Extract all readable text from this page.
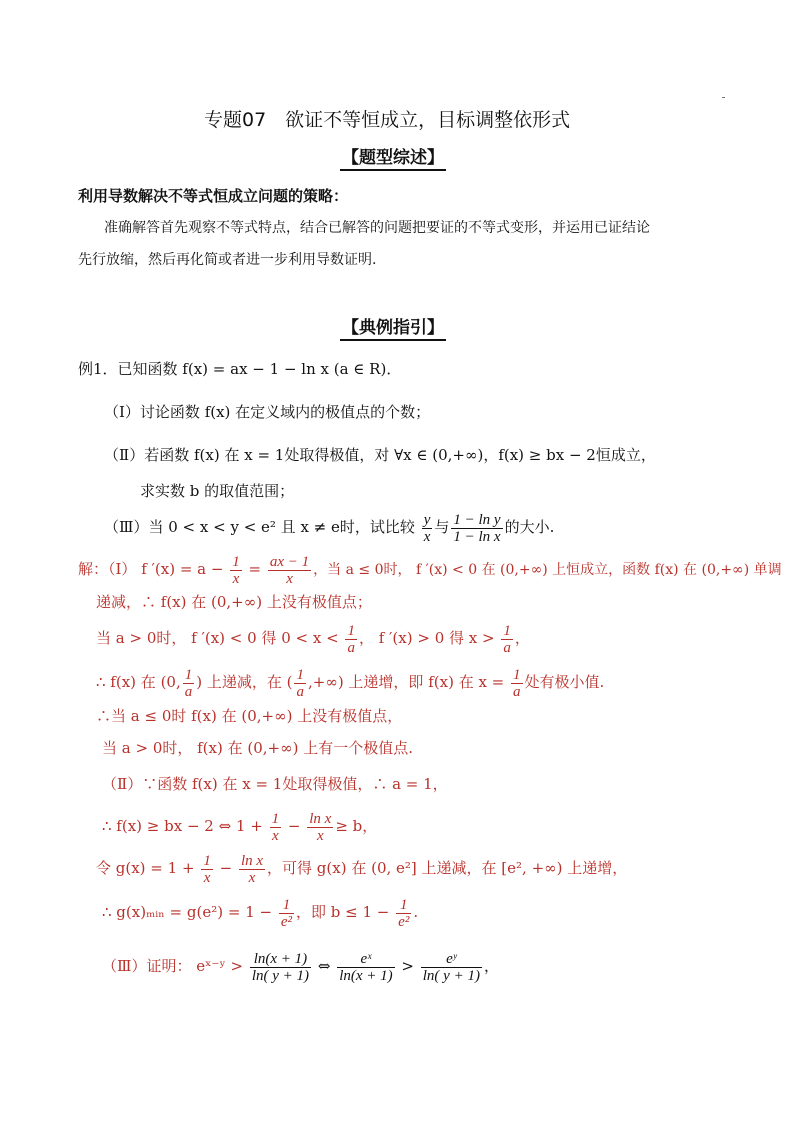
专题07　欲证不等恒成立，目标调整依形式
【题型综述】
利用导数解决不等式恒成立问题的策略：
准确解答首先观察不等式特点，结合已解答的问题把要证的不等式变形，并运用已证结论
先行放缩，然后再化简或者进一步利用导数证明.
【典例指引】
例1．已知函数 f(x) = ax − 1 − ln x (a ∈ R)．
（Ⅰ）讨论函数 f(x) 在定义域内的极值点的个数；
（Ⅱ）若函数 f(x) 在 x = 1处取得极值，对 ∀x ∈ (0,+∞)，f(x) ≥ bx − 2恒成立，
求实数 b 的取值范围；
（Ⅲ）当 0 < x < y < e² 且 x ≠ e时，试比较 $\frac{y}{x}$ 与 $\frac{\text{1 − ln y}}{\text{1 − ln x}}$ 的大小.
解：（Ⅰ） f $'(x) = a - \frac{1}{x} = \frac{ax - 1}{x}$ ，当 a ≤ 0时， f ′(x) < 0 在 (0,+∞) 上恒成立，函数 f(x) 在 (0,+∞) 单调
递减，∴ f(x) 在 (0,+∞) 上没有极值点；
当 a > 0时， f ′(x) < 0 得 $0 < x < \frac{1}{a}$ ， f ′(x) > 0 得 $x > \frac{1}{a}$ ，
∴ f(x) 在 (0, $\frac{1}{a}$ ) 上递减，在 ( $\frac{1}{a}$ ,+∞) 上递增，即 f(x) 在 $x = \frac{1}{a}$ 处有极小值.
∴当 a ≤ 0时 f(x) 在 (0,+∞) 上没有极值点，
当 a > 0时， f(x) 在 (0,+∞) 上有一个极值点.
（Ⅱ）∵函数 f(x) 在 x = 1处取得极值，∴ a = 1，
∴ f(x) ≥ bx − 2 ⇔ $1 + \frac{1}{x} - \frac{\text{ln x}}{x} \ge b$，
令 $g(x) = 1 + \frac{1}{x} - \frac{\text{ln x}}{x}$ ，可得 g(x) 在 (0, e²] 上递减，在 [e², +∞) 上递增，
∴ g(x)ₘᵢₙ = $g(e^2) = 1 - \frac{1}{\text{e²}}$ ，即 $b \le 1 - \frac{1}{\text{e²}}$ .
（Ⅲ）证明： eˣ⁻ʸ > $\frac{\ln(x + 1)}{\ln( y + 1)}$ ⇔ $\frac{\text{eˣ}}{\ln(x + 1)} > \frac{\text{eʸ}}{\ln( y + 1)}$ ，
